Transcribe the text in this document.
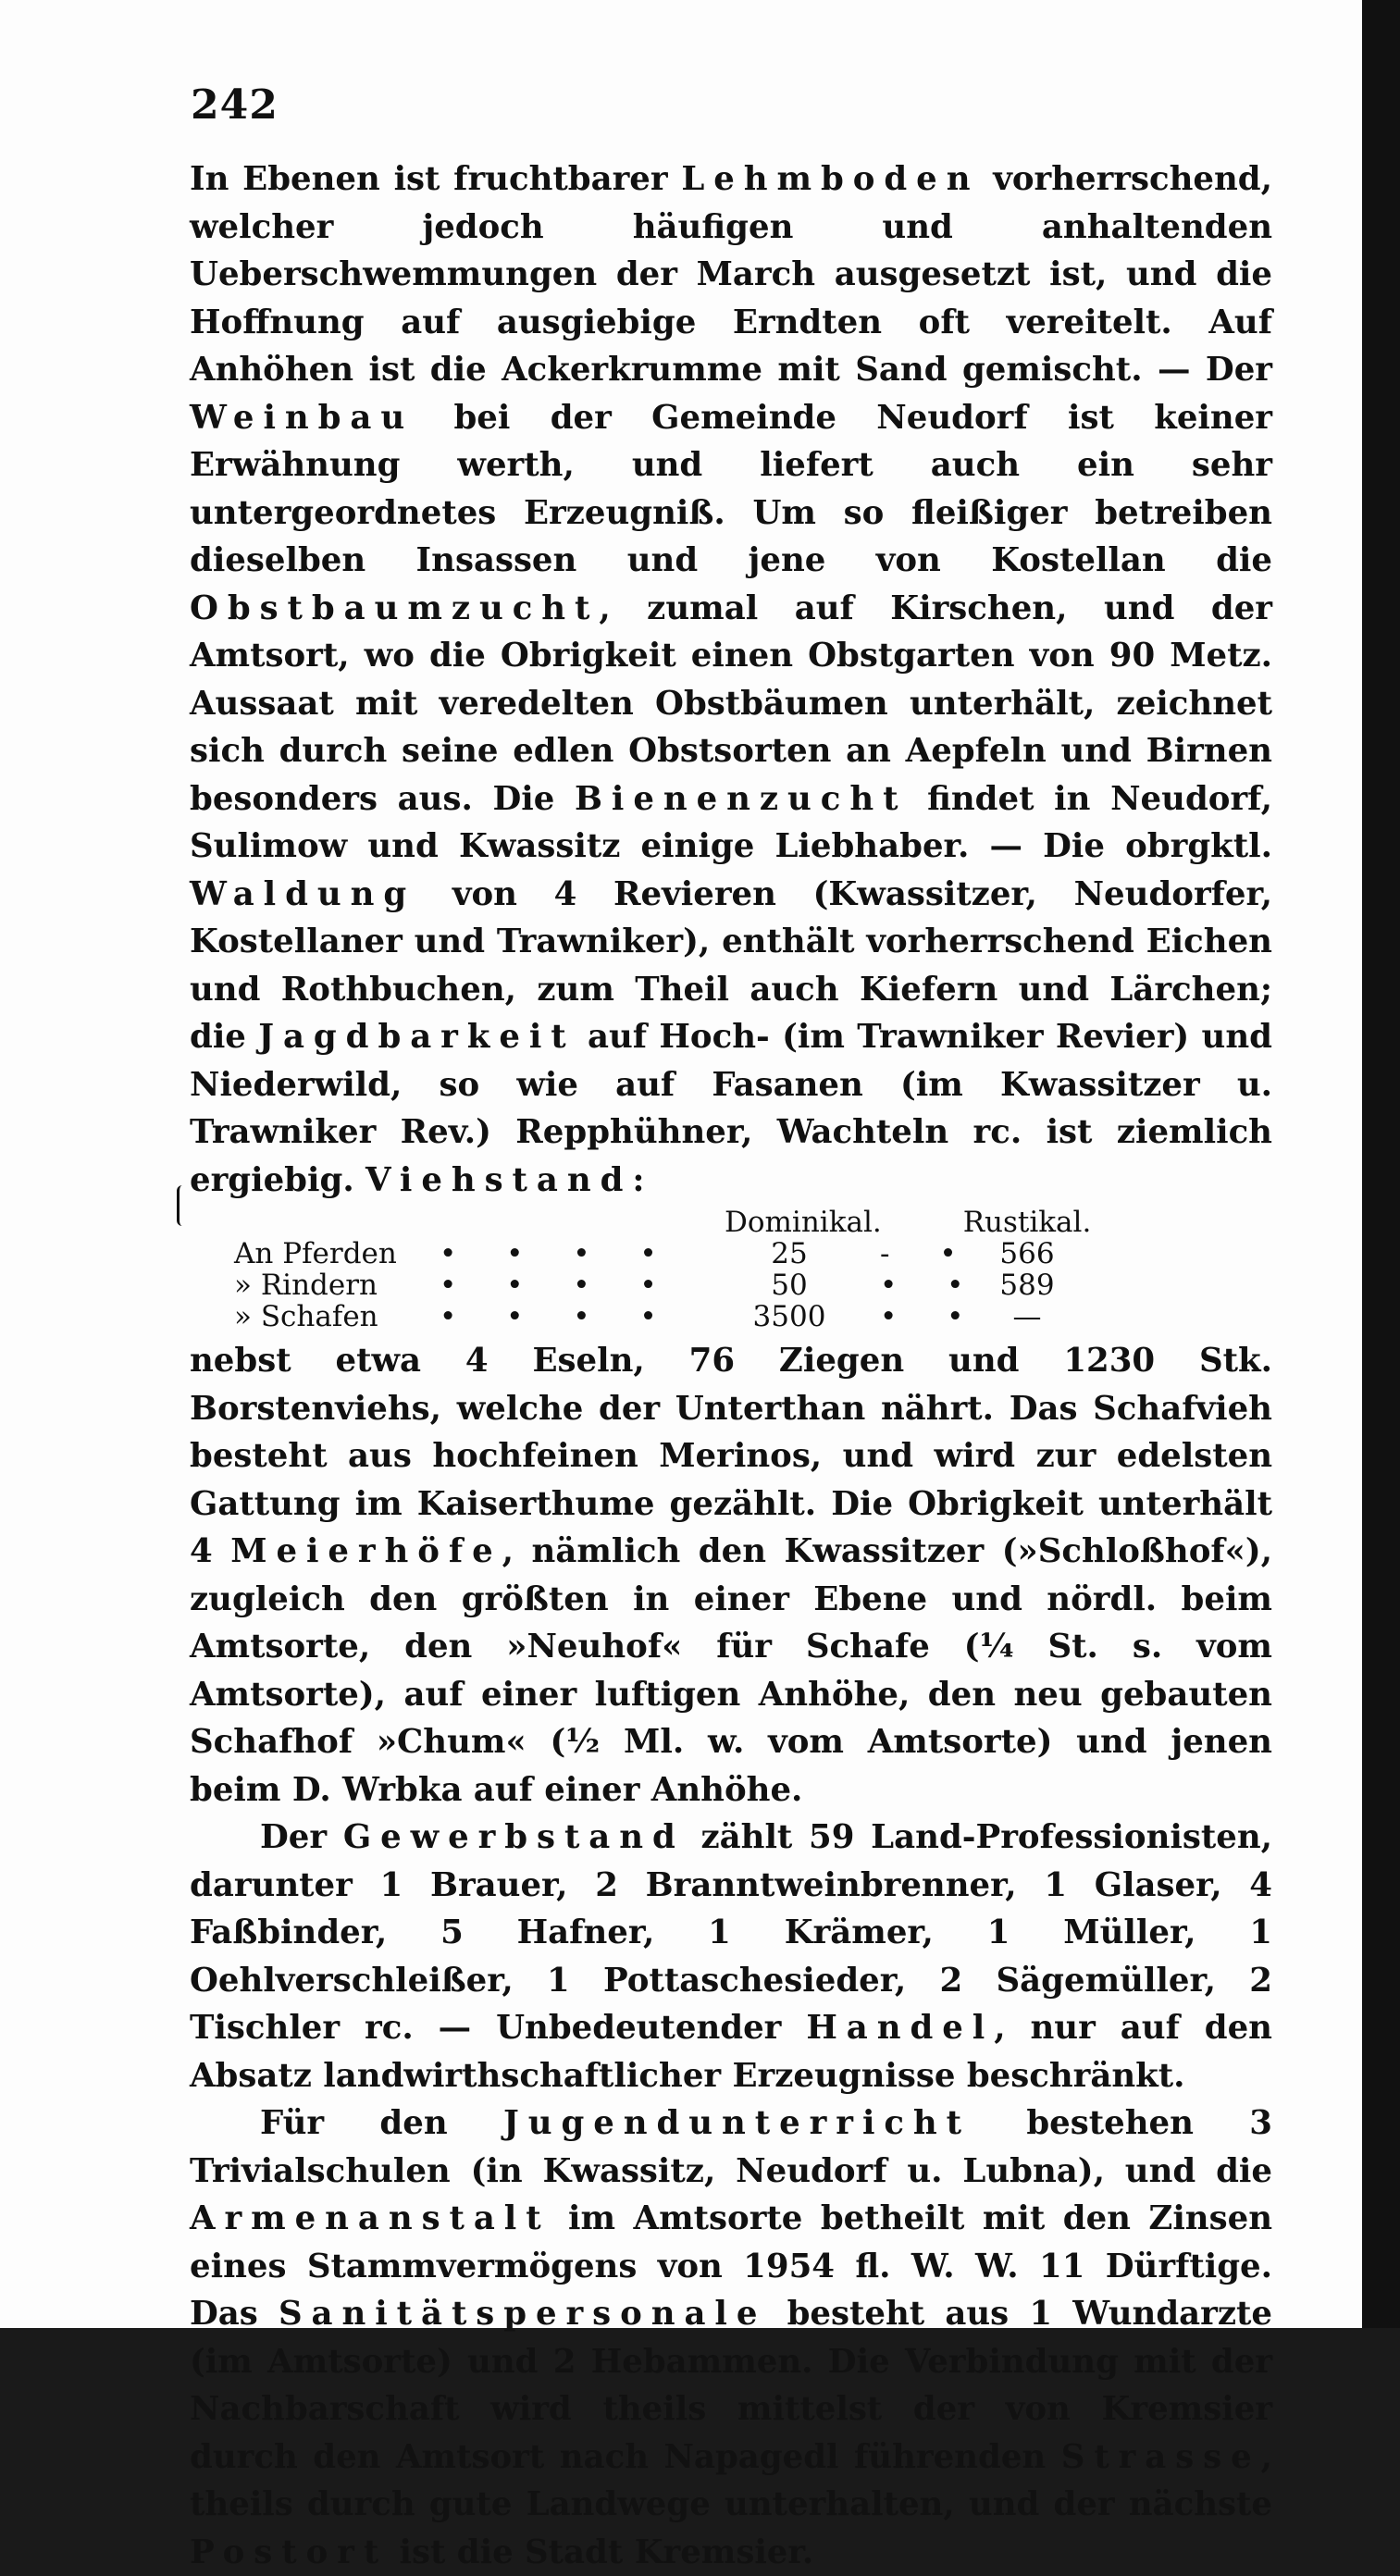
242

In Ebenen ist fruchtbarer Lehmboden vorherrschend, welcher jedoch häufigen und anhaltenden Ueberschwemmungen der March ausgesetzt ist, und die Hoffnung auf ausgiebige Erndten oft vereitelt. Auf Anhöhen ist die Ackerkrumme mit Sand gemischt. — Der Weinbau bei der Gemeinde Neudorf ist keiner Erwähnung werth, und liefert auch ein sehr untergeordnetes Erzeugniß. Um so fleißiger betreiben dieselben Insassen und jene von Kostellan die Obstbaumzucht, zumal auf Kirschen, und der Amtsort, wo die Obrigkeit einen Obstgarten von 90 Metz. Aussaat mit veredelten Obstbäumen unterhält, zeichnet sich durch seine edlen Obstsorten an Aepfeln und Birnen besonders aus. Die Bienenzucht findet in Neudorf, Sulimow und Kwassitz einige Liebhaber. — Die obrgktl. Waldung von 4 Revieren (Kwassitzer, Neudorfer, Kostellaner und Trawniker), enthält vorherrschend Eichen und Rothbuchen, zum Theil auch Kiefern und Lärchen; die Jagdbarkeit auf Hoch- (im Trawniker Revier) und Niederwild, so wie auf Fasanen (im Kwassitzer u. Trawniker Rev.) Repphühner, Wachteln rc. ist ziemlich ergiebig. Viehstand:

Dominikal.	Rustikal.
An Pferden • • • •	25	- • 566
» Rindern • • • •	50	• • 589
» Schafen • • • •	3500	• •	—

nebst etwa 4 Eseln, 76 Ziegen und 1230 Stk. Borstenviehs, welche der Unterthan nährt. Das Schafvieh besteht aus hochfeinen Merinos, und wird zur edelsten Gattung im Kaiserthume gezählt. Die Obrigkeit unterhält 4 Meierhöfe, nämlich den Kwassitzer (»Schloßhof«), zugleich den größten in einer Ebene und nördl. beim Amtsorte, den »Neuhof« für Schafe (¼ St. s. vom Amtsorte), auf einer luftigen Anhöhe, den neu gebauten Schafhof »Chum« (½ Ml. w. vom Amtsorte) und jenen beim D. Wrbka auf einer Anhöhe.

Der Gewerbstand zählt 59 Land-Professionisten, darunter 1 Brauer, 2 Branntweinbrenner, 1 Glaser, 4 Faßbinder, 5 Hafner, 1 Krämer, 1 Müller, 1 Oehlverschleißer, 1 Pottaschesieder, 2 Sägemüller, 2 Tischler rc. — Unbedeutender Handel, nur auf den Absatz landwirthschaftlicher Erzeugnisse beschränkt.

Für den Jugendunterricht bestehen 3 Trivialschulen (in Kwassitz, Neudorf u. Lubna), und die Armenanstalt im Amtsorte betheilt mit den Zinsen eines Stammvermögens von 1954 fl. W. W. 11 Dürftige. Das Sanitätspersonale besteht aus 1 Wundarzte (im Amtsorte) und 2 Hebammen. Die Verbindung mit der Nachbarschaft wird theils mittelst der von Kremsier durch den Amtsort nach Napagedl führenden Strasse, theils durch gute Landwege unterhalten, und der nächste Postort ist die Stadt Kremsier.
